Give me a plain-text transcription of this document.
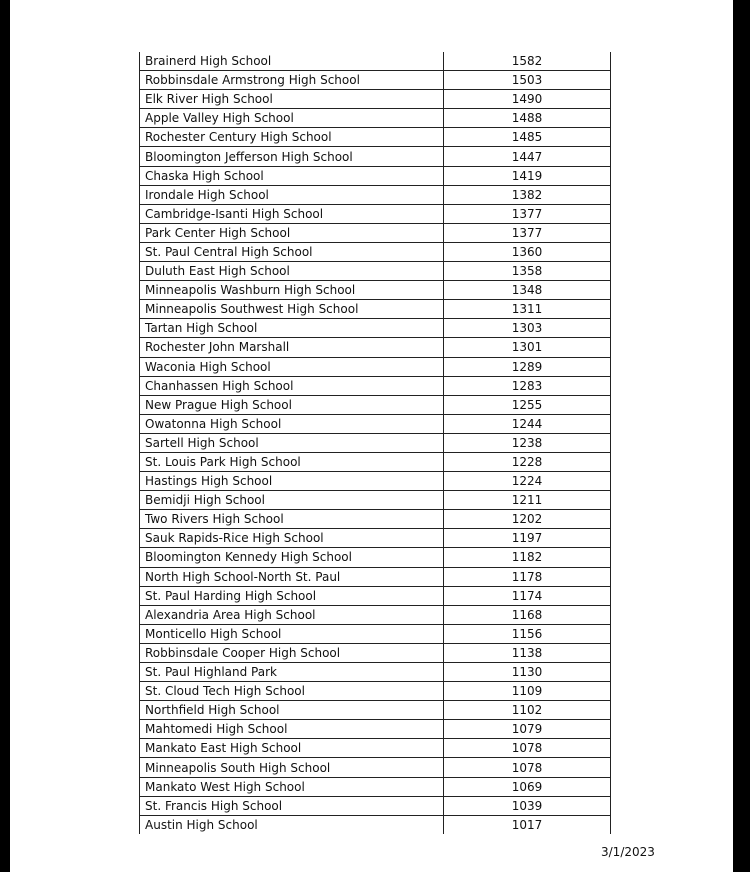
Brainerd High School	1582
Robbinsdale Armstrong High School	1503
Elk River High School	1490
Apple Valley High School	1488
Rochester Century High School	1485
Bloomington Jefferson High School	1447
Chaska High School	1419
Irondale High School	1382
Cambridge-Isanti High School	1377
Park Center High School	1377
St. Paul Central High School	1360
Duluth East High School	1358
Minneapolis Washburn High School	1348
Minneapolis Southwest High School	1311
Tartan High School	1303
Rochester John Marshall	1301
Waconia High School	1289
Chanhassen High School	1283
New Prague High School	1255
Owatonna High School	1244
Sartell High School	1238
St. Louis Park High School	1228
Hastings High School	1224
Bemidji High School	1211
Two Rivers High School	1202
Sauk Rapids-Rice High School	1197
Bloomington Kennedy High School	1182
North High School-North St. Paul	1178
St. Paul Harding High School	1174
Alexandria Area High School	1168
Monticello High School	1156
Robbinsdale Cooper High School	1138
St. Paul Highland Park	1130
St. Cloud Tech High School	1109
Northfield High School	1102
Mahtomedi High School	1079
Mankato East High School	1078
Minneapolis South High School	1078
Mankato West High School	1069
St. Francis High School	1039
Austin High School	1017
3/1/2023
